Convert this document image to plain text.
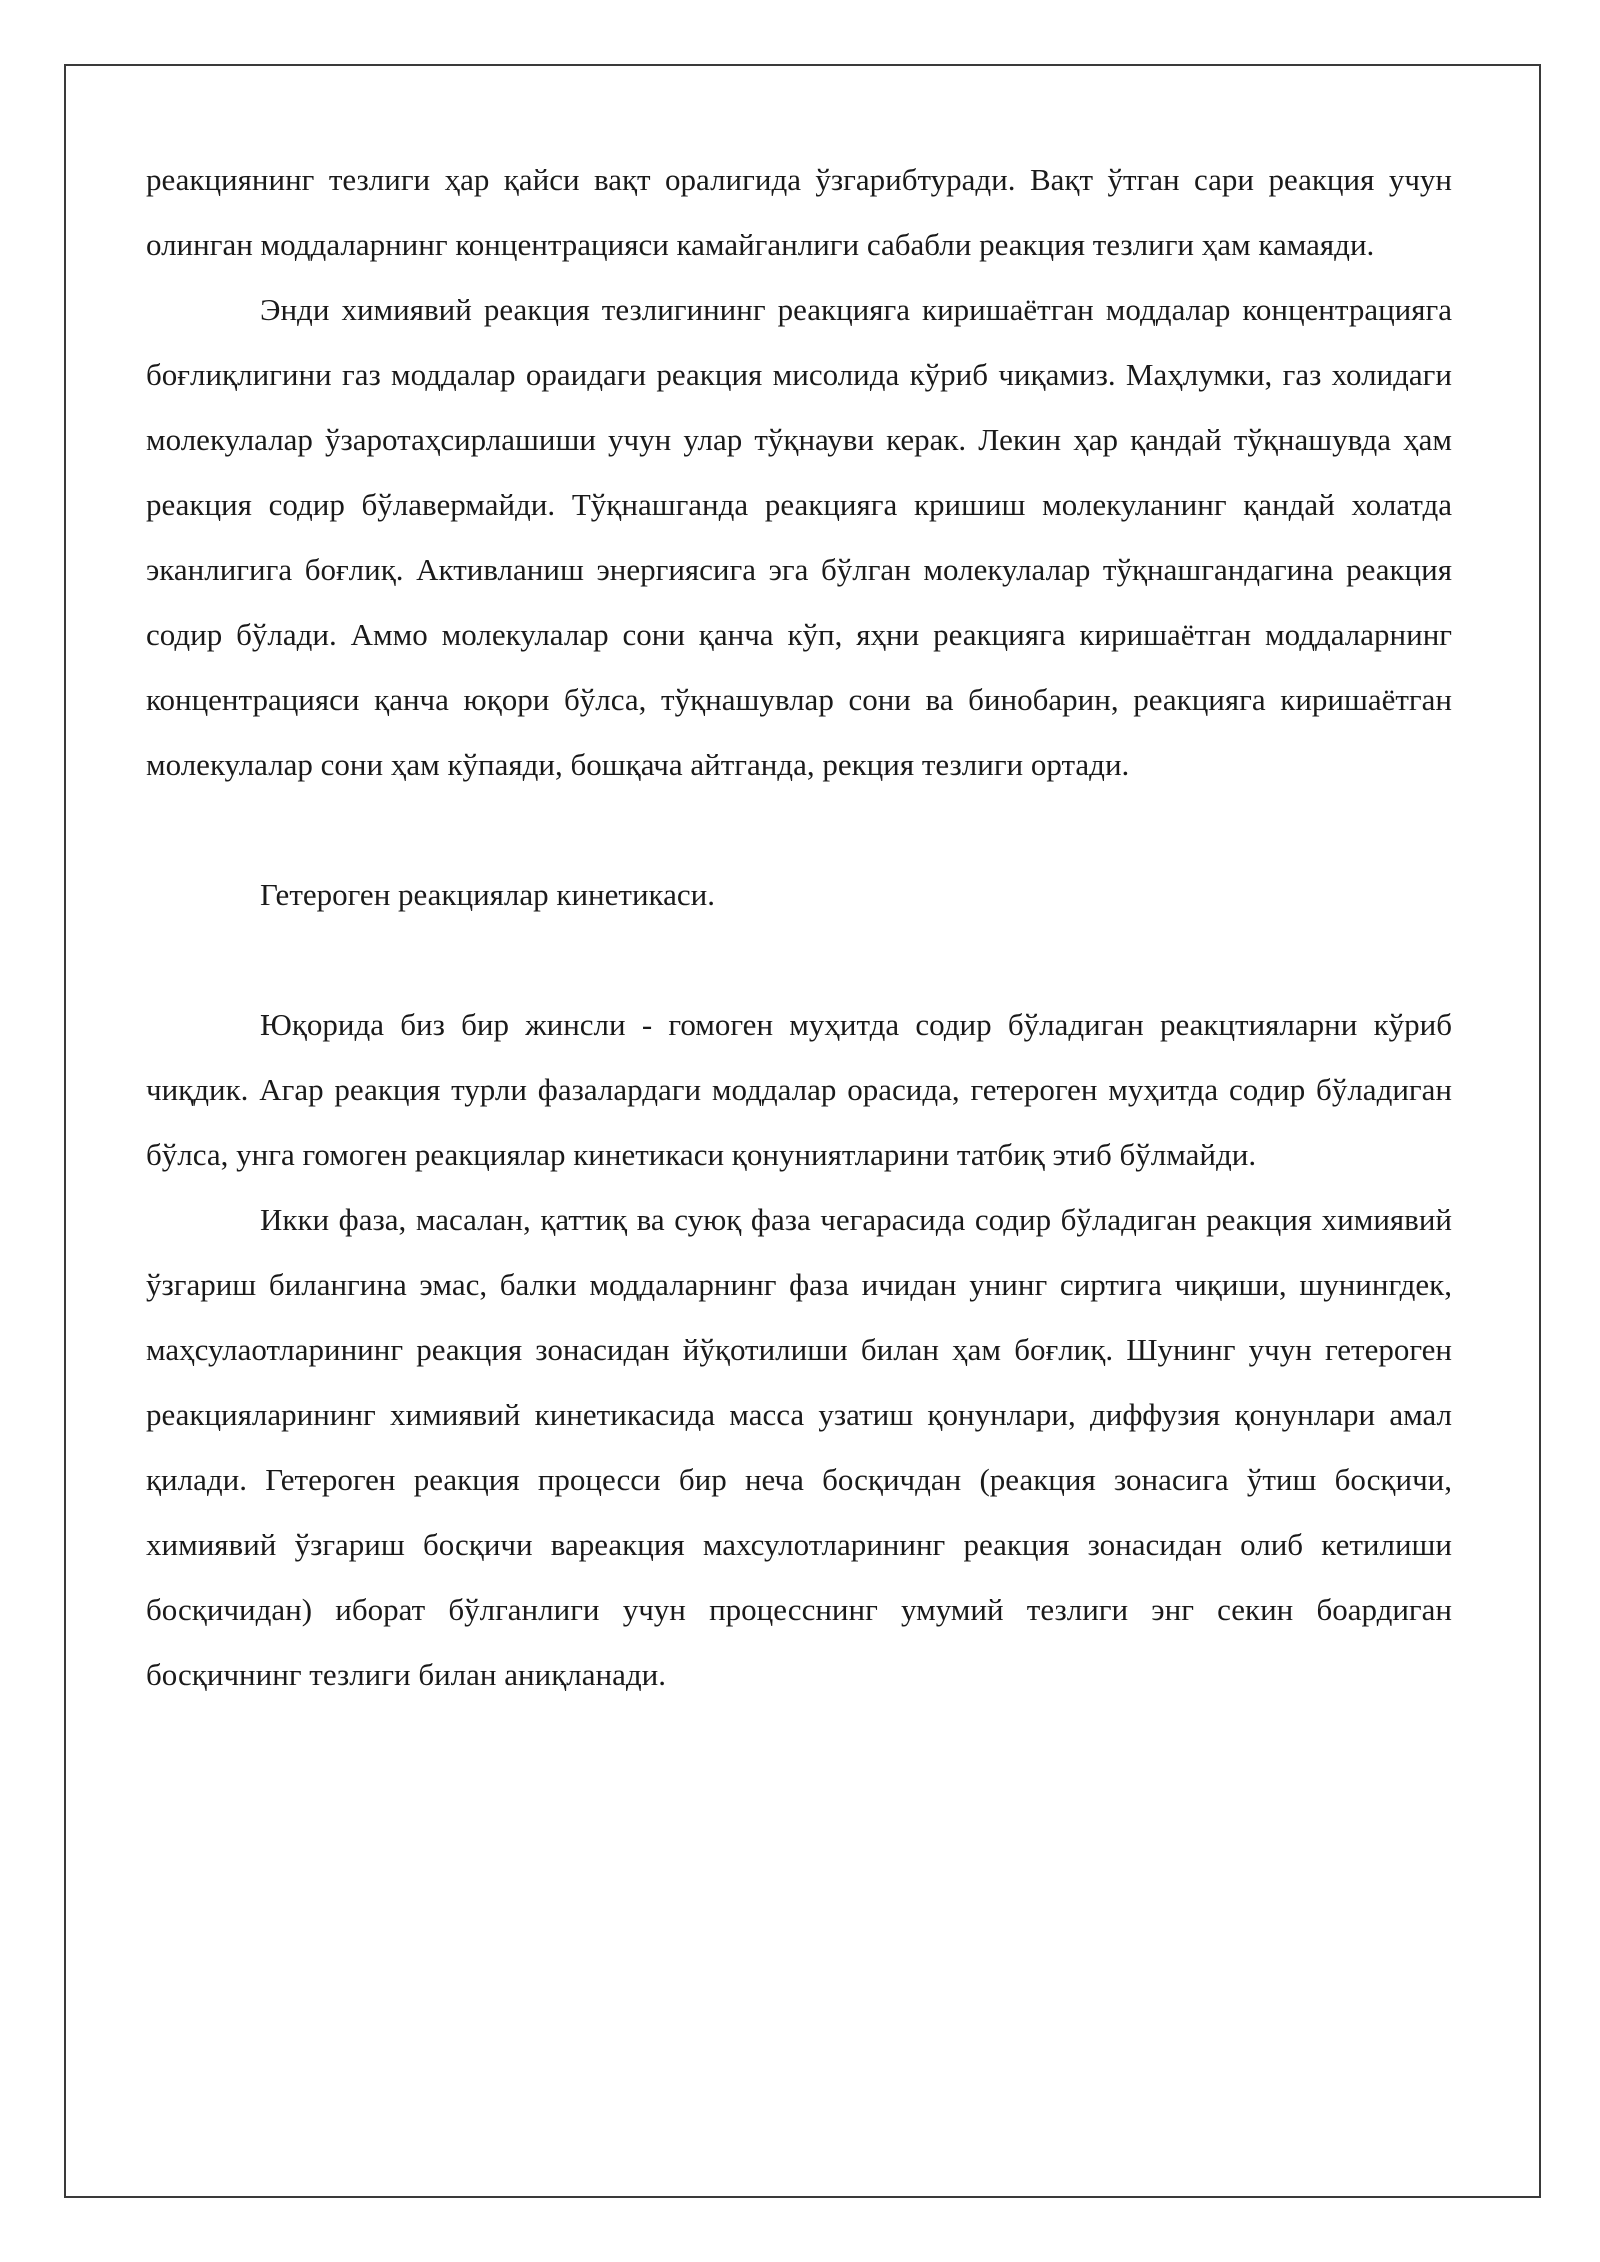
реакциянинг тезлиги ҳар қайси вақт оралигида ўзгарибтуради. Вақт ўтган сари реакция учун олинган моддаларнинг концентрацияси камайганлиги сабабли реакция тезлиги ҳам камаяди.

Энди химиявий реакция тезлигининг реакцияга киришаётган моддалар концентрацияга боғлиқлигини газ моддалар ораидаги реакция мисолида кўриб чиқамиз. Маҳлумки, газ холидаги молекулалар ўзаротаҳсирлашиши учун улар тўқнауви керак. Лекин ҳар қандай тўқнашувда ҳам реакция содир бўлавермайди. Тўқнашганда реакцияга кришиш молекуланинг қандай холатда эканлигига боғлиқ. Активланиш энергиясига эга бўлган молекулалар тўқнашгандагина реакция содир бўлади. Аммо молекулалар сони қанча кўп, яҳни реакцияга киришаётган моддаларнинг концентрацияси қанча юқори бўлса, тўқнашувлар сони ва бинобарин, реакцияга киришаётган молекулалар сони ҳам кўпаяди, бошқача айтганда, рекция тезлиги ортади.

Гетероген реакциялар кинетикаси.

Юқорида биз бир жинсли - гомоген муҳитда содир бўладиган реакцтияларни кўриб чиқдик. Агар реакция турли фазалардаги моддалар орасида, гетероген муҳитда содир бўладиган бўлса, унга гомоген реакциялар кинетикаси қонуниятларини татбиқ этиб бўлмайди.

Икки фаза, масалан, қаттиқ ва суюқ фаза чегарасида содир бўладиган реакция химиявий ўзгариш билангина эмас, балки моддаларнинг фаза ичидан унинг сиртига чиқиши, шунингдек, маҳсулаотларининг реакция зонасидан йўқотилиши билан ҳам боғлиқ. Шунинг учун гетероген реакцияларининг химиявий кинетикасида масса узатиш қонунлари, диффузия қонунлари амал қилади. Гетероген реакция процесси бир неча босқичдан (реакция зонасига ўтиш босқичи, химиявий ўзгариш босқичи вареакция махсулотларининг реакция зонасидан олиб кетилиши босқичидан) иборат бўлганлиги учун процесснинг умумий тезлиги энг секин боардиган босқичнинг тезлиги билан аниқланади.
